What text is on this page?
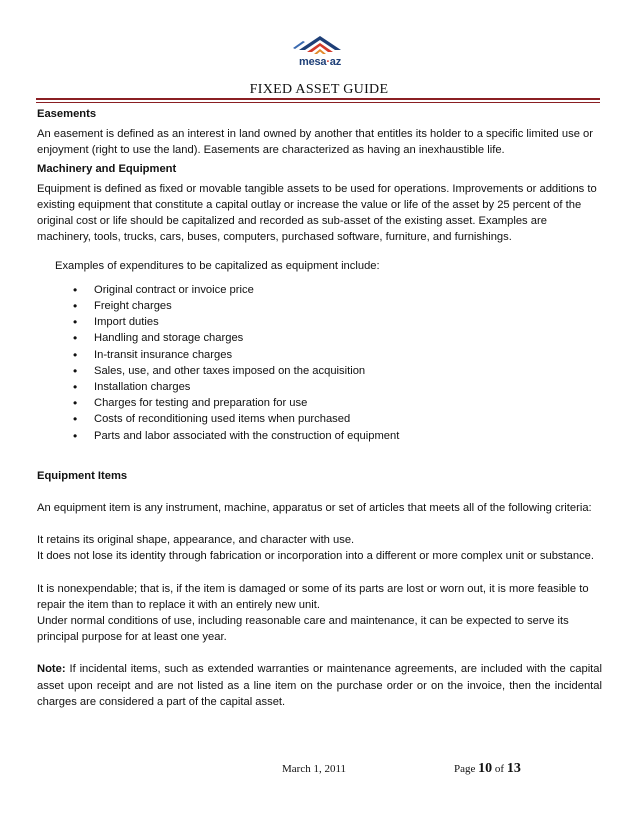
mesa·az
FIXED ASSET GUIDE

Easements

An easement is defined as an interest in land owned by another that entitles its holder to a specific limited use or enjoyment (right to use the land). Easements are characterized as having an inexhaustible life.

Machinery and Equipment

Equipment is defined as fixed or movable tangible assets to be used for operations. Improvements or additions to existing equipment that constitute a capital outlay or increase the value or life of the asset by 25 percent of the original cost or life should be capitalized and recorded as sub-asset of the existing asset. Examples are machinery, tools, trucks, cars, buses, computers, purchased software, furniture, and furnishings.

Examples of expenditures to be capitalized as equipment include:

• Original contract or invoice price
• Freight charges
• Import duties
• Handling and storage charges
• In-transit insurance charges
• Sales, use, and other taxes imposed on the acquisition
• Installation charges
• Charges for testing and preparation for use
• Costs of reconditioning used items when purchased
• Parts and labor associated with the construction of equipment

Equipment Items

An equipment item is any instrument, machine, apparatus or set of articles that meets all of the following criteria:

It retains its original shape, appearance, and character with use.

It does not lose its identity through fabrication or incorporation into a different or more complex unit or substance.

It is nonexpendable; that is, if the item is damaged or some of its parts are lost or worn out, it is more feasible to repair the item than to replace it with an entirely new unit.

Under normal conditions of use, including reasonable care and maintenance, it can be expected to serve its principal purpose for at least one year.

Note: If incidental items, such as extended warranties or maintenance agreements, are included with the capital asset upon receipt and are not listed as a line item on the purchase order or on the invoice, then the incidental charges are considered a part of the capital asset.

March 1, 2011	Page 10 of 13
